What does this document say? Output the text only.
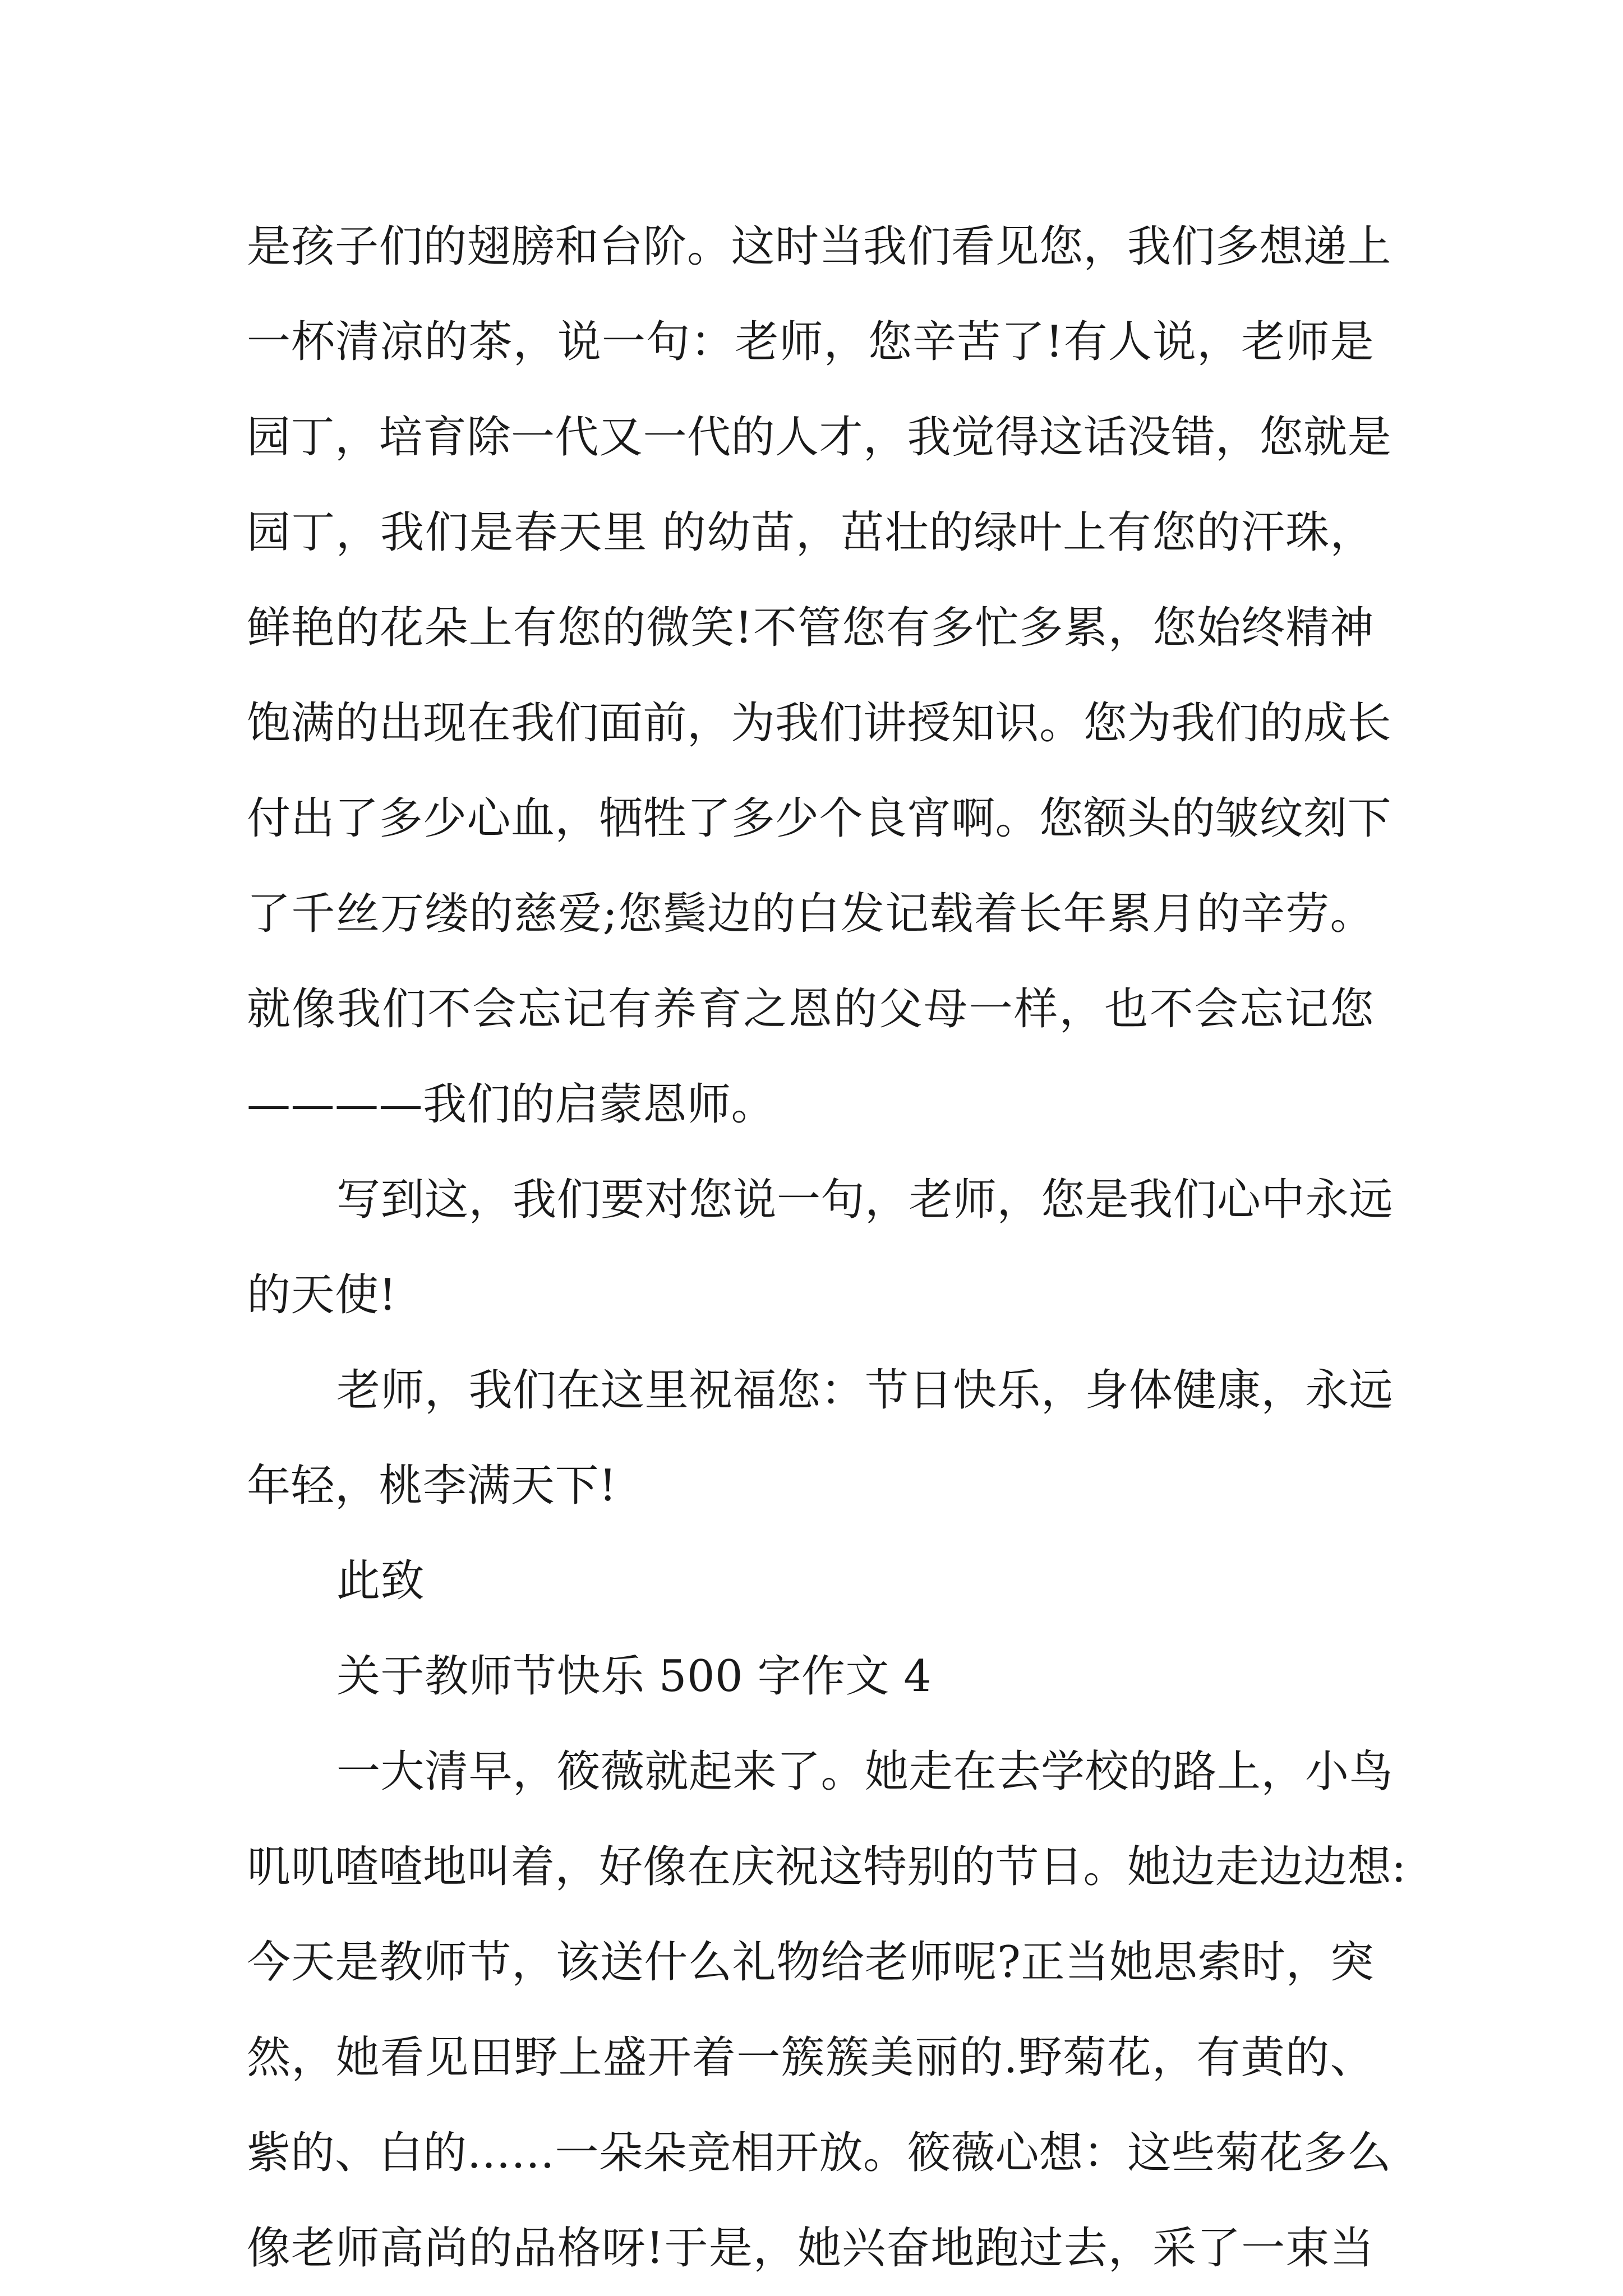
是孩子们的翅膀和台阶。这时当我们看见您，我们多想递上
一杯清凉的茶，说一句：老师，您辛苦了!有人说，老师是
园丁，培育除一代又一代的人才，我觉得这话没错，您就是
园丁，我们是春天里 的幼苗，茁壮的绿叶上有您的汗珠，
鲜艳的花朵上有您的微笑!不管您有多忙多累，您始终精神
饱满的出现在我们面前，为我们讲授知识。您为我们的成长
付出了多少心血，牺牲了多少个良宵啊。您额头的皱纹刻下
了千丝万缕的慈爱;您鬓边的白发记载着长年累月的辛劳。
就像我们不会忘记有养育之恩的父母一样，也不会忘记您
————我们的启蒙恩师。
写到这，我们要对您说一句，老师，您是我们心中永远
的天使!
老师，我们在这里祝福您：节日快乐，身体健康，永远
年轻，桃李满天下!
此致
关于教师节快乐 500 字作文 4
一大清早，筱薇就起来了。她走在去学校的路上，小鸟
叽叽喳喳地叫着，好像在庆祝这特别的节日。她边走边边想:
今天是教师节，该送什么礼物给老师呢?正当她思索时，突
然，她看见田野上盛开着一簇簇美丽的.野菊花，有黄的、
紫的、白的……一朵朵竞相开放。筱薇心想：这些菊花多么
像老师高尚的品格呀!于是，她兴奋地跑过去，采了一束当
